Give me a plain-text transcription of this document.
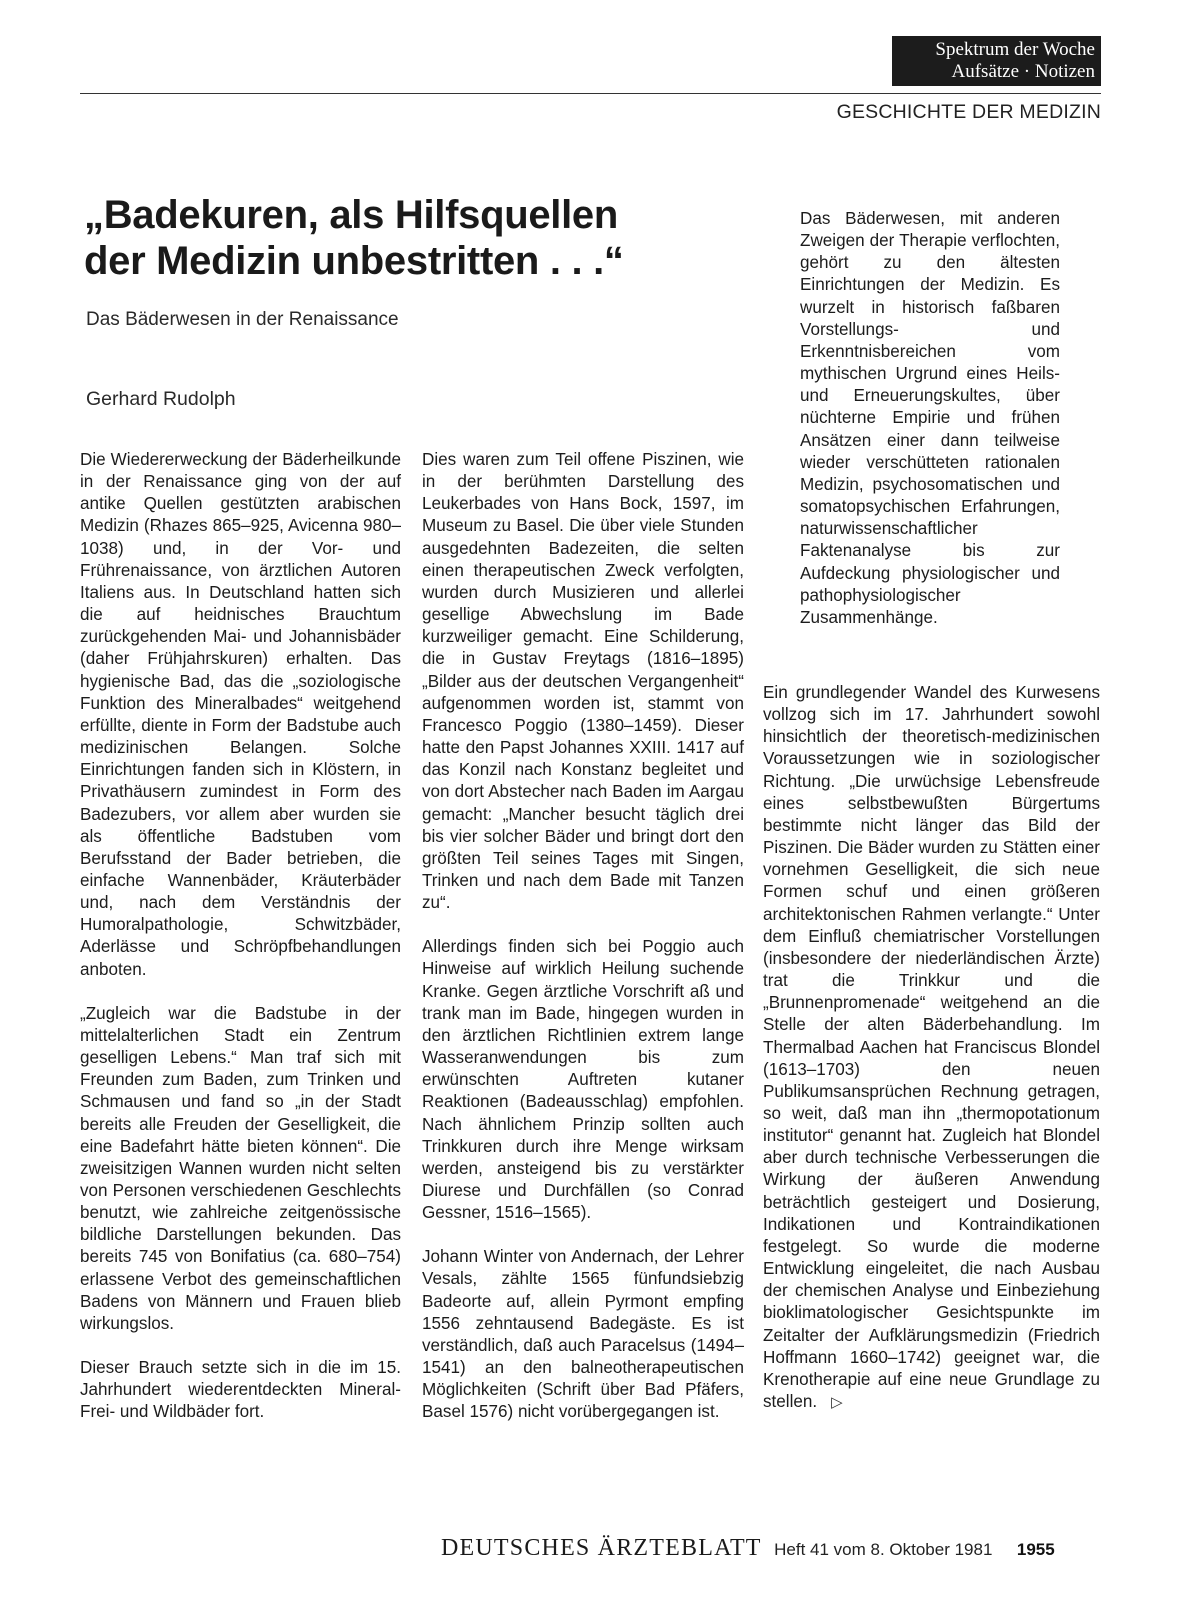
Spektrum der Woche
Aufsätze · Notizen
GESCHICHTE DER MEDIZIN
„Badekuren, als Hilfsquellen
der Medizin unbestritten . . .“
Das Bäderwesen in der Renaissance
Gerhard Rudolph

Die Wiedererweckung der Bäderheilkunde in der Renaissance ging von der auf antike Quellen gestützten arabischen Medizin (Rhazes 865–925, Avicenna 980–1038) und, in der Vor- und Frührenaissance, von ärztlichen Autoren Italiens aus. In Deutschland hatten sich die auf heidnisches Brauchtum zurückgehenden Mai- und Johannisbäder (daher Frühjahrskuren) erhalten. Das hygienische Bad, das die „soziologische Funktion des Mineralbades“ weitgehend erfüllte, diente in Form der Badstube auch medizinischen Belangen. Solche Einrichtungen fanden sich in Klöstern, in Privathäusern zumindest in Form des Badezubers, vor allem aber wurden sie als öffentliche Badstuben vom Berufsstand der Bader betrieben, die einfache Wannenbäder, Kräuterbäder und, nach dem Verständnis der Humoralpathologie, Schwitzbäder, Aderlässe und Schröpfbehandlungen anboten.

„Zugleich war die Badstube in der mittelalterlichen Stadt ein Zentrum geselligen Lebens.“ Man traf sich mit Freunden zum Baden, zum Trinken und Schmausen und fand so „in der Stadt bereits alle Freuden der Geselligkeit, die eine Badefahrt hätte bieten können“. Die zweisitzigen Wannen wurden nicht selten von Personen verschiedenen Geschlechts benutzt, wie zahlreiche zeitgenössische bildliche Darstellungen bekunden. Das bereits 745 von Bonifatius (ca. 680–754) erlassene Verbot des gemeinschaftlichen Badens von Männern und Frauen blieb wirkungslos.

Dieser Brauch setzte sich in die im 15. Jahrhundert wiederentdeckten Mineral-Frei- und Wildbäder fort.

Dies waren zum Teil offene Piszinen, wie in der berühmten Darstellung des Leukerbades von Hans Bock, 1597, im Museum zu Basel. Die über viele Stunden ausgedehnten Badezeiten, die selten einen therapeutischen Zweck verfolgten, wurden durch Musizieren und allerlei gesellige Abwechslung im Bade kurzweiliger gemacht. Eine Schilderung, die in Gustav Freytags (1816–1895) „Bilder aus der deutschen Vergangenheit“ aufgenommen worden ist, stammt von Francesco Poggio (1380–1459). Dieser hatte den Papst Johannes XXIII. 1417 auf das Konzil nach Konstanz begleitet und von dort Abstecher nach Baden im Aargau gemacht: „Mancher besucht täglich drei bis vier solcher Bäder und bringt dort den größten Teil seines Tages mit Singen, Trinken und nach dem Bade mit Tanzen zu“.

Allerdings finden sich bei Poggio auch Hinweise auf wirklich Heilung suchende Kranke. Gegen ärztliche Vorschrift aß und trank man im Bade, hingegen wurden in den ärztlichen Richtlinien extrem lange Wasseranwendungen bis zum erwünschten Auftreten kutaner Reaktionen (Badeausschlag) empfohlen. Nach ähnlichem Prinzip sollten auch Trinkkuren durch ihre Menge wirksam werden, ansteigend bis zu verstärkter Diurese und Durchfällen (so Conrad Gessner, 1516–1565).

Johann Winter von Andernach, der Lehrer Vesals, zählte 1565 fünfundsiebzig Badeorte auf, allein Pyrmont empfing 1556 zehntausend Badegäste. Es ist verständlich, daß auch Paracelsus (1494–1541) an den balneotherapeutischen Möglichkeiten (Schrift über Bad Pfäfers, Basel 1576) nicht vorübergegangen ist.

Das Bäderwesen, mit anderen Zweigen der Therapie verflochten, gehört zu den ältesten Einrichtungen der Medizin. Es wurzelt in historisch faßbaren Vorstellungs- und Erkenntnisbereichen vom mythischen Urgrund eines Heils- und Erneuerungskultes, über nüchterne Empirie und frühen Ansätzen einer dann teilweise wieder verschütteten rationalen Medizin, psychosomatischen und somatopsychischen Erfahrungen, naturwissenschaftlicher Faktenanalyse bis zur Aufdeckung physiologischer und pathophysiologischer Zusammenhänge.

Ein grundlegender Wandel des Kurwesens vollzog sich im 17. Jahrhundert sowohl hinsichtlich der theoretisch-medizinischen Voraussetzungen wie in soziologischer Richtung. „Die urwüchsige Lebensfreude eines selbstbewußten Bürgertums bestimmte nicht länger das Bild der Piszinen. Die Bäder wurden zu Stätten einer vornehmen Geselligkeit, die sich neue Formen schuf und einen größeren architektonischen Rahmen verlangte.“ Unter dem Einfluß chemiatrischer Vorstellungen (insbesondere der niederländischen Ärzte) trat die Trinkkur und die „Brunnenpromenade“ weitgehend an die Stelle der alten Bäderbehandlung. Im Thermalbad Aachen hat Franciscus Blondel (1613–1703) den neuen Publikumsansprüchen Rechnung getragen, so weit, daß man ihn „thermopotationum institutor“ genannt hat. Zugleich hat Blondel aber durch technische Verbesserungen die Wirkung der äußeren Anwendung beträchtlich gesteigert und Dosierung, Indikationen und Kontraindikationen festgelegt. So wurde die moderne Entwicklung eingeleitet, die nach Ausbau der chemischen Analyse und Einbeziehung bioklimatologischer Gesichtspunkte im Zeitalter der Aufklärungsmedizin (Friedrich Hoffmann 1660–1742) geeignet war, die Krenotherapie auf eine neue Grundlage zu stellen. ▷

DEUTSCHES ÄRZTEBLATT Heft 41 vom 8. Oktober 1981 1955
